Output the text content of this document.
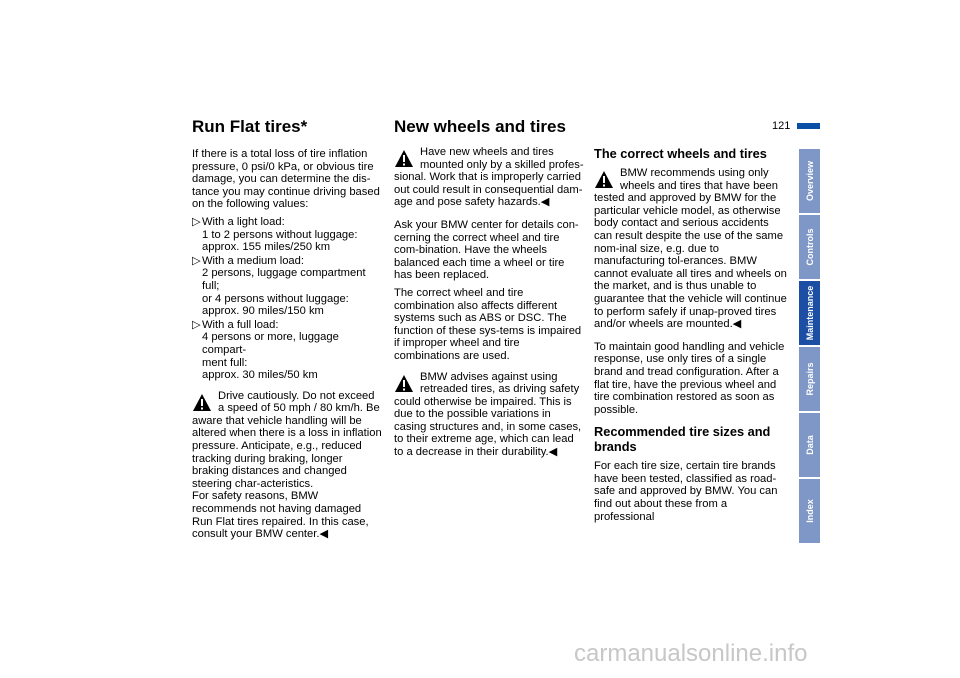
121
Run Flat tires*	New wheels and tires

If there is a total loss of tire inflation pressure, 0 psi/0 kPa, or obvious tire damage, you can determine the dis-tance you may continue driving based on the following values:

▷ With a light load:
1 to 2 persons without luggage:
approx. 155 miles/250 km
▷ With a medium load:
2 persons, luggage compartment full;
or 4 persons without luggage:
approx. 90 miles/150 km
▷ With a full load:
4 persons or more, luggage compart-
ment full:
approx. 30 miles/50 km

Drive cautiously. Do not exceed a speed of 50 mph / 80 km/h. Be aware that vehicle handling will be altered when there is a loss in inflation pressure. Anticipate, e.g., reduced tracking during braking, longer braking distances and changed steering char-acteristics.

For safety reasons, BMW recommends not having damaged Run Flat tires repaired. In this case, consult your BMW center.◀

Have new wheels and tires mounted only by a skilled profes-sional. Work that is improperly carried out could result in consequential dam-age and pose safety hazards.◀

Ask your BMW center for details con-cerning the correct wheel and tire com-bination. Have the wheels balanced each time a wheel or tire has been replaced.

The correct wheel and tire combination also affects different systems such as ABS or DSC. The function of these sys-tems is impaired if improper wheel and tire combinations are used.

BMW advises against using retreaded tires, as driving safety could otherwise be impaired. This is due to the possible variations in casing structures and, in some cases, to their extreme age, which can lead to a decrease in their durability.◀

The correct wheels and tires

BMW recommends using only wheels and tires that have been tested and approved by BMW for the particular vehicle model, as otherwise body contact and serious accidents can result despite the use of the same nom-inal size, e.g. due to manufacturing tol-erances. BMW cannot evaluate all tires and wheels on the market, and is thus unable to guarantee that the vehicle will continue to perform safely if unap-proved tires and/or wheels are mounted.◀

To maintain good handling and vehicle response, use only tires of a single brand and tread configuration. After a flat tire, have the previous wheel and tire combination restored as soon as possible.

Recommended tire sizes and brands

For each tire size, certain tire brands have been tested, classified as road-safe and approved by BMW. You can find out about these from a professional

Overview
Controls
Maintenance
Repairs
Data
Index
carmanualsonline.info
